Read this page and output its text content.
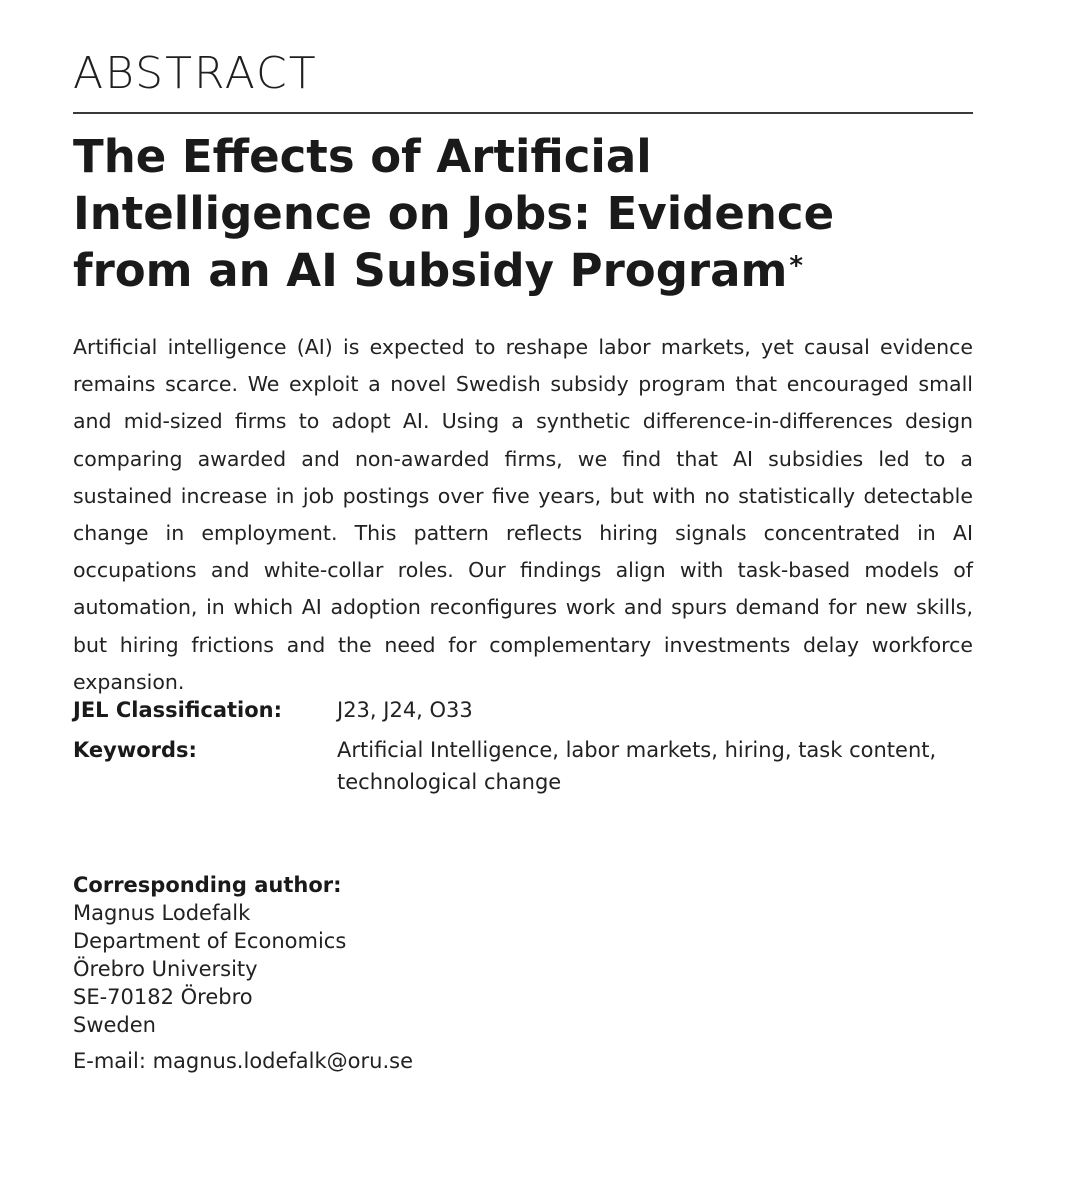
ABSTRACT
The Effects of Artificial Intelligence on Jobs: Evidence from an AI Subsidy Program*

Artificial intelligence (AI) is expected to reshape labor markets, yet causal evidence remains scarce. We exploit a novel Swedish subsidy program that encouraged small and mid-sized firms to adopt AI. Using a synthetic difference-in-differences design comparing awarded and non-awarded firms, we find that AI subsidies led to a sustained increase in job postings over five years, but with no statistically detectable change in employment. This pattern reflects hiring signals concentrated in AI occupations and white-collar roles. Our findings align with task-based models of automation, in which AI adoption reconfigures work and spurs demand for new skills, but hiring frictions and the need for complementary investments delay workforce expansion.

JEL Classification:	J23, J24, O33
Keywords:	Artificial Intelligence, labor markets, hiring, task content, technological change
Corresponding author:
Magnus Lodefalk
Department of Economics
Örebro University
SE-70182 Örebro
Sweden
E-mail: magnus.lodefalk@oru.se
